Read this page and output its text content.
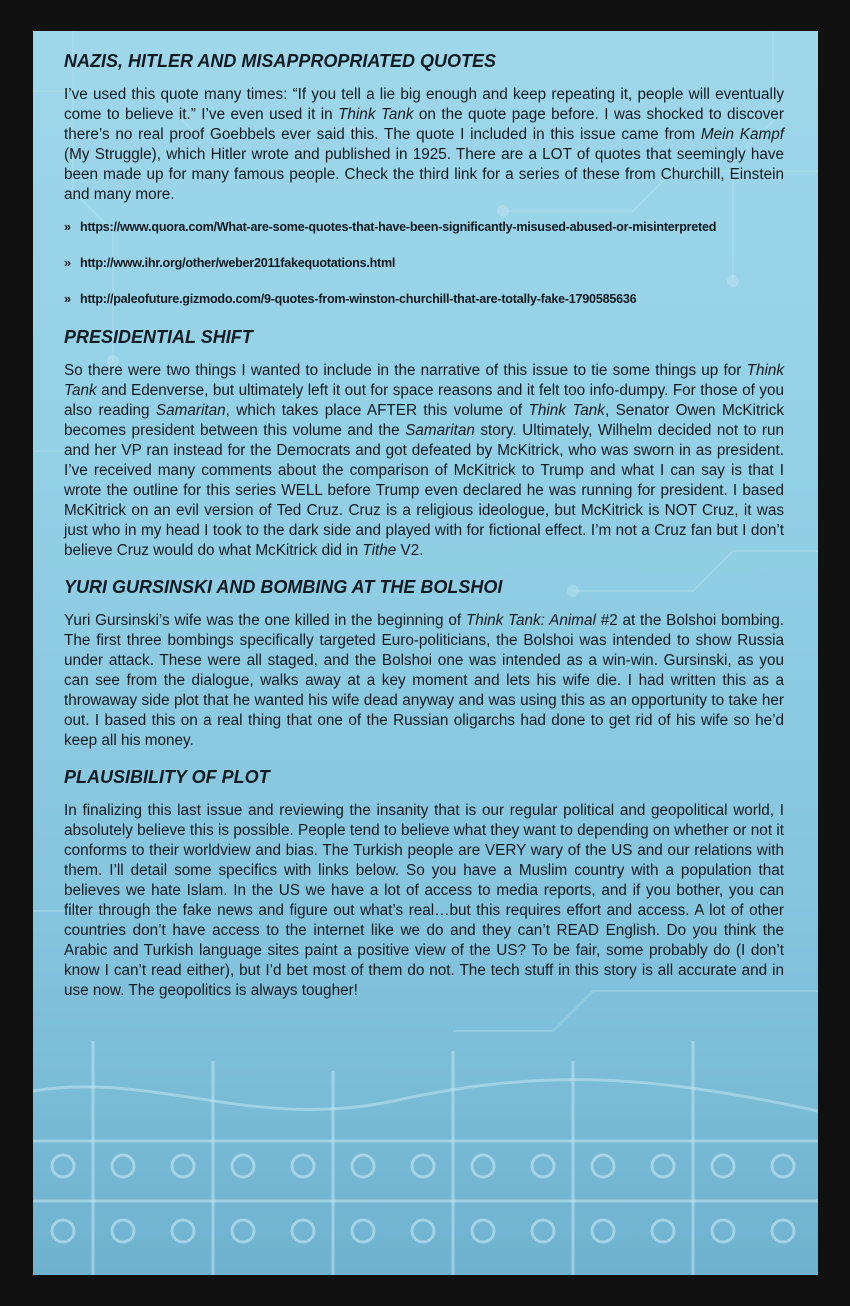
NAZIS, HITLER AND MISAPPROPRIATED QUOTES

I’ve used this quote many times: “If you tell a lie big enough and keep repeating it, people will eventually come to believe it.” I’ve even used it in Think Tank on the quote page before. I was shocked to discover there’s no real proof Goebbels ever said this. The quote I included in this issue came from Mein Kampf (My Struggle), which Hitler wrote and published in 1925. There are a LOT of quotes that seemingly have been made up for many famous people. Check the third link for a series of these from Churchill, Einstein and many more.

» https://www.quora.com/What-are-some-quotes-that-have-been-significantly-misused-abused-or-misinterpreted
» http://www.ihr.org/other/weber2011fakequotations.html
» http://paleofuture.gizmodo.com/9-quotes-from-winston-churchill-that-are-totally-fake-1790585636
PRESIDENTIAL SHIFT

So there were two things I wanted to include in the narrative of this issue to tie some things up for Think Tank and Edenverse, but ultimately left it out for space reasons and it felt too info-dumpy. For those of you also reading Samaritan, which takes place AFTER this volume of Think Tank, Senator Owen McKitrick becomes president between this volume and the Samaritan story. Ultimately, Wilhelm decided not to run and her VP ran instead for the Democrats and got defeated by McKitrick, who was sworn in as president. I’ve received many comments about the comparison of McKitrick to Trump and what I can say is that I wrote the outline for this series WELL before Trump even declared he was running for president. I based McKitrick on an evil version of Ted Cruz. Cruz is a religious ideologue, but McKitrick is NOT Cruz, it was just who in my head I took to the dark side and played with for fictional effect. I’m not a Cruz fan but I don’t believe Cruz would do what McKitrick did in Tithe V2.

YURI GURSINSKI AND BOMBING AT THE BOLSHOI

Yuri Gursinski’s wife was the one killed in the beginning of Think Tank: Animal #2 at the Bolshoi bombing. The first three bombings specifically targeted Euro-politicians, the Bolshoi was intended to show Russia under attack. These were all staged, and the Bolshoi one was intended as a win-win. Gursinski, as you can see from the dialogue, walks away at a key moment and lets his wife die. I had written this as a throwaway side plot that he wanted his wife dead anyway and was using this as an opportunity to take her out. I based this on a real thing that one of the Russian oligarchs had done to get rid of his wife so he’d keep all his money.

PLAUSIBILITY OF PLOT

In finalizing this last issue and reviewing the insanity that is our regular political and geopolitical world, I absolutely believe this is possible. People tend to believe what they want to depending on whether or not it conforms to their worldview and bias. The Turkish people are VERY wary of the US and our relations with them. I’ll detail some specifics with links below. So you have a Muslim country with a population that believes we hate Islam. In the US we have a lot of access to media reports, and if you bother, you can filter through the fake news and figure out what’s real…but this requires effort and access. A lot of other countries don’t have access to the internet like we do and they can’t READ English. Do you think the Arabic and Turkish language sites paint a positive view of the US? To be fair, some probably do (I don’t know I can’t read either), but I’d bet most of them do not. The tech stuff in this story is all accurate and in use now. The geopolitics is always tougher!
